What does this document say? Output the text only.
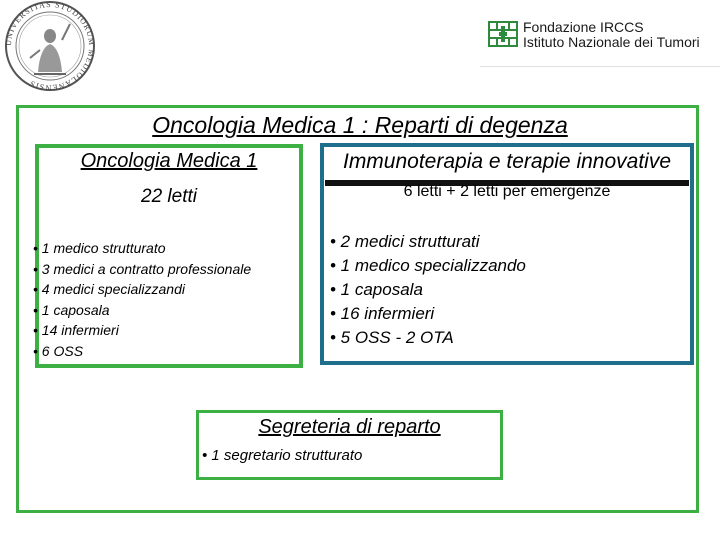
UNIVERSITAS STUDIORUM MEDIOLANENSIS
Fondazione IRCCS
Istituto Nazionale dei Tumori
Oncologia Medica 1 : Reparti di degenza
Oncologia Medica 1
22 letti
• 1 medico strutturato
• 3 medici a contratto professionale
• 4 medici specializzandi
• 1 caposala
• 14 infermieri
• 6 OSS
Immunoterapia e terapie innovative
6 letti + 2 letti per emergenze
• 2 medici strutturati
• 1 medico specializzando
• 1 caposala
• 16 infermieri
• 5 OSS - 2 OTA
Segreteria di reparto
• 1 segretario strutturato
